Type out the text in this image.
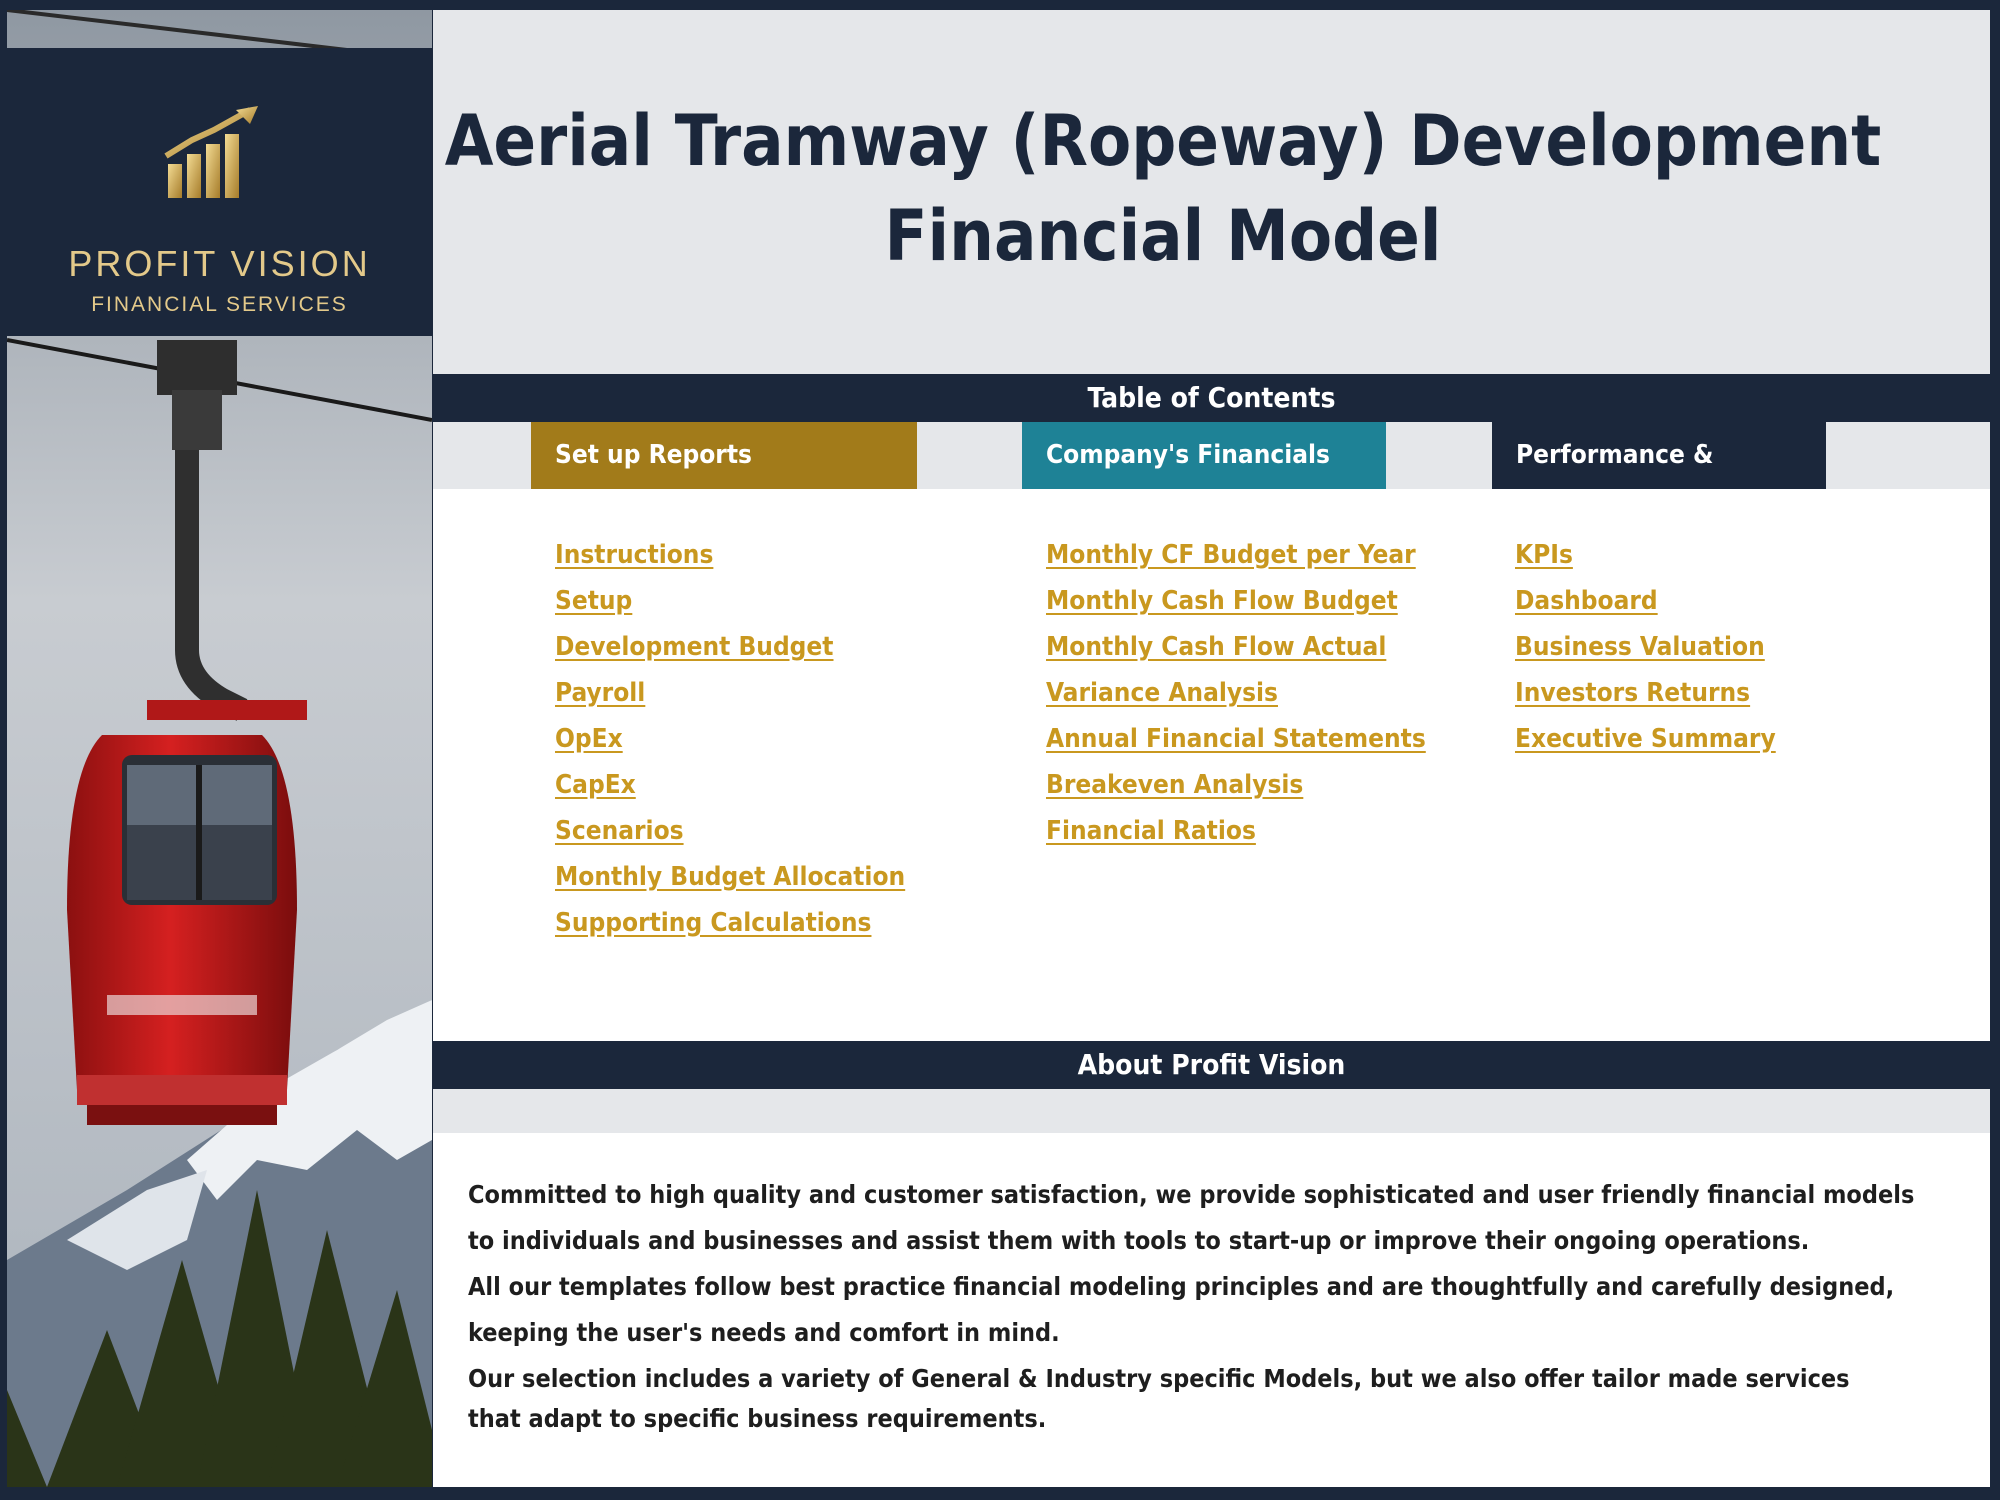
PROFIT VISION
FINANCIAL SERVICES
Aerial Tramway (Ropeway) Development
Financial Model
Table of Contents
Set up Reports	Company's Financials	Performance & Valuation
Instructions
Setup
Development Budget
Payroll
OpEx
CapEx
Scenarios
Monthly Budget Allocation
Supporting Calculations
Monthly CF Budget per Year
Monthly Cash Flow Budget
Monthly Cash Flow Actual
Variance Analysis
Annual Financial Statements
Breakeven Analysis
Financial Ratios
KPIs
Dashboard
Business Valuation
Investors Returns
Executive Summary
About Profit Vision
Committed to high quality and customer satisfaction, we provide sophisticated and user friendly financial models
to individuals and businesses and assist them with tools to start-up or improve their ongoing operations.
All our templates follow best practice financial modeling principles and are thoughtfully and carefully designed,
keeping the user's needs and comfort in mind.
Our selection includes a variety of General & Industry specific Models, but we also offer tailor made services
that adapt to specific business requirements.
